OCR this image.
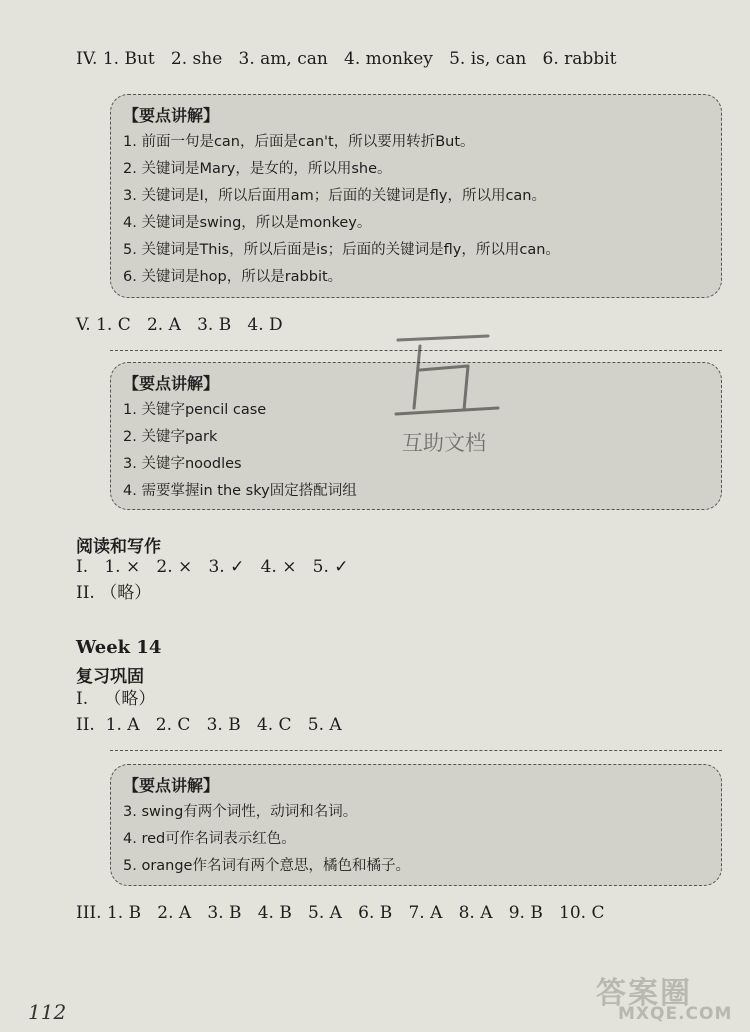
IV. 1. But   2. she   3. am, can   4. monkey   5. is, can   6. rabbit
【要点讲解】
1. 前面一句是can，后面是can't，所以要用转折But。
2. 关键词是Mary，是女的，所以用she。
3. 关键词是I，所以后面用am；后面的关键词是fly，所以用can。
4. 关键词是swing，所以是monkey。
5. 关键词是This，所以后面是is；后面的关键词是fly，所以用can。
6. 关键词是hop，所以是rabbit。
V. 1. C   2. A   3. B   4. D
【要点讲解】
1. 关键字pencil case
2. 关键字park
3. 关键字noodles
4. 需要掌握in the sky固定搭配词组
互助文档
阅读和写作
I.   1. ×   2. ×   3. ✓   4. ×   5. ✓
II. （略）
Week 14
复习巩固
I.   （略）
II.  1. A   2. C   3. B   4. C   5. A
【要点讲解】
3. swing有两个词性，动词和名词。
4. red可作名词表示红色。
5. orange作名词有两个意思，橘色和橘子。
III. 1. B   2. A   3. B   4. B   5. A   6. B   7. A   8. A   9. B   10. C
112
答案圈
MXQE.COM
